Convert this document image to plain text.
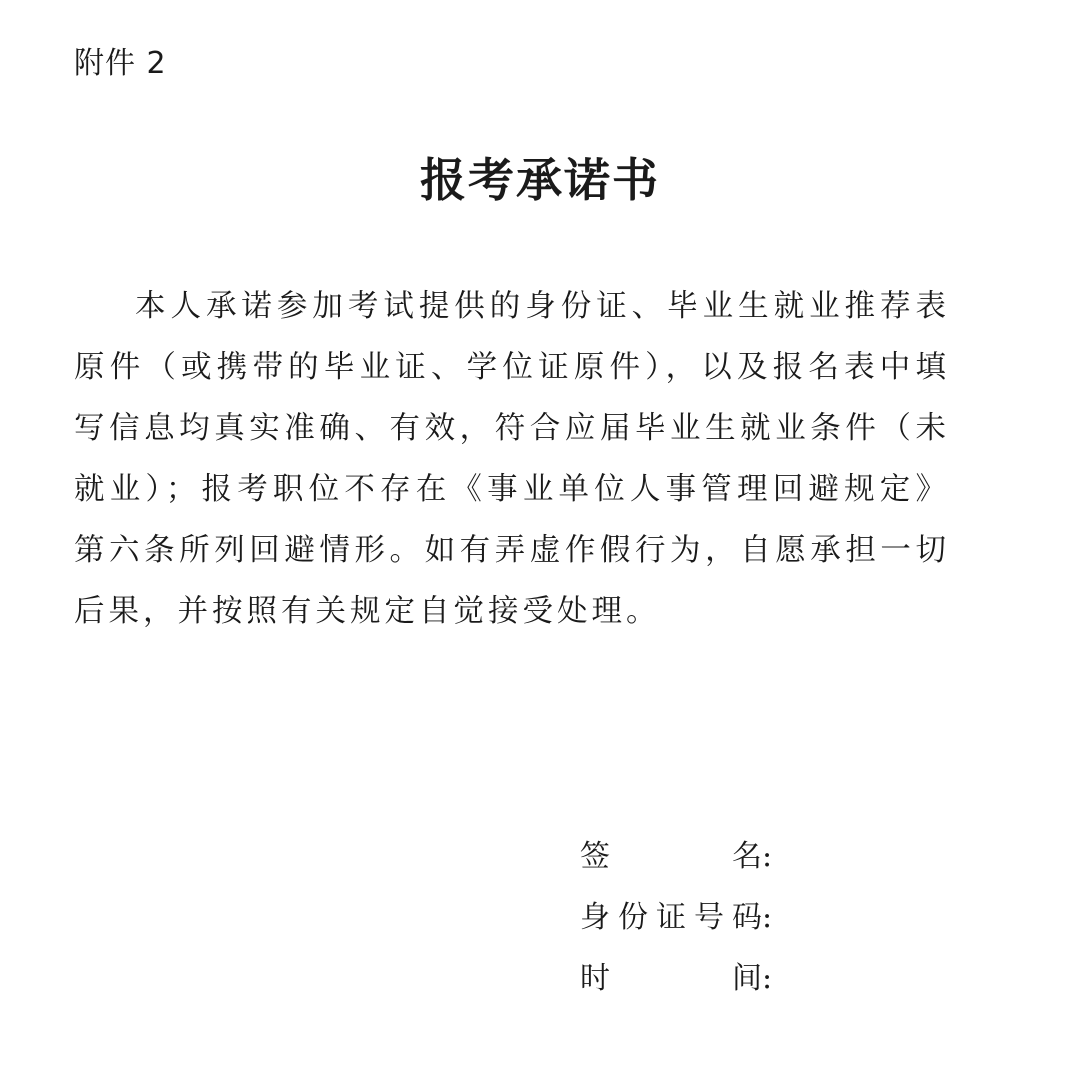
附件 2
报考承诺书

本人承诺参加考试提供的身份证、毕业生就业推荐表原件（或携带的毕业证、学位证原件），以及报名表中填写信息均真实准确、有效，符合应届毕业生就业条件（未就业）；报考职位不存在《事业单位人事管理回避规定》第六条所列回避情形。如有弄虚作假行为，自愿承担一切后果，并按照有关规定自觉接受处理。

签名:
身份证号码:
时间:
